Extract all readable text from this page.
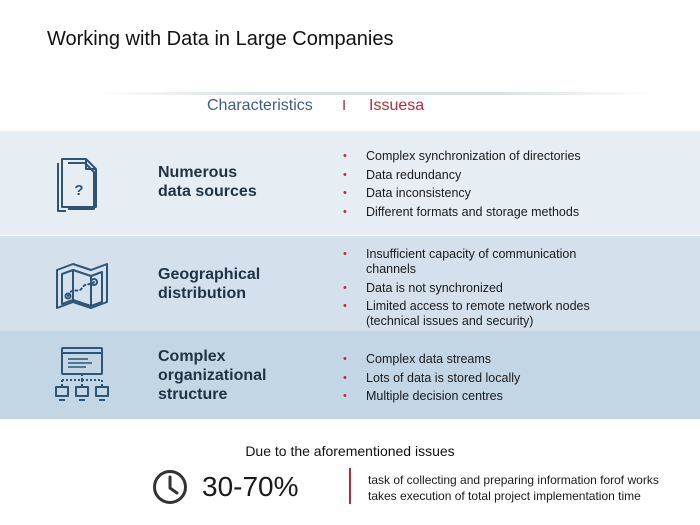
Working with Data in Large Companies
Characteristics I Issuesa
?
Numerous
data sources
• Complex synchronization of directories
• Data redundancy
• Data inconsistency
• Different formats and storage methods
Geographical
distribution
• Insufficient capacity of communication channels
• Data is not synchronized
• Limited access to remote network nodes (technical issues and security)
Complex
organizational
structure
• Complex data streams
• Lots of data is stored locally
• Multiple decision centres
Due to the aforementioned issues
30-70%	task of collecting and preparing information forof works
takes execution of total project implementation time
